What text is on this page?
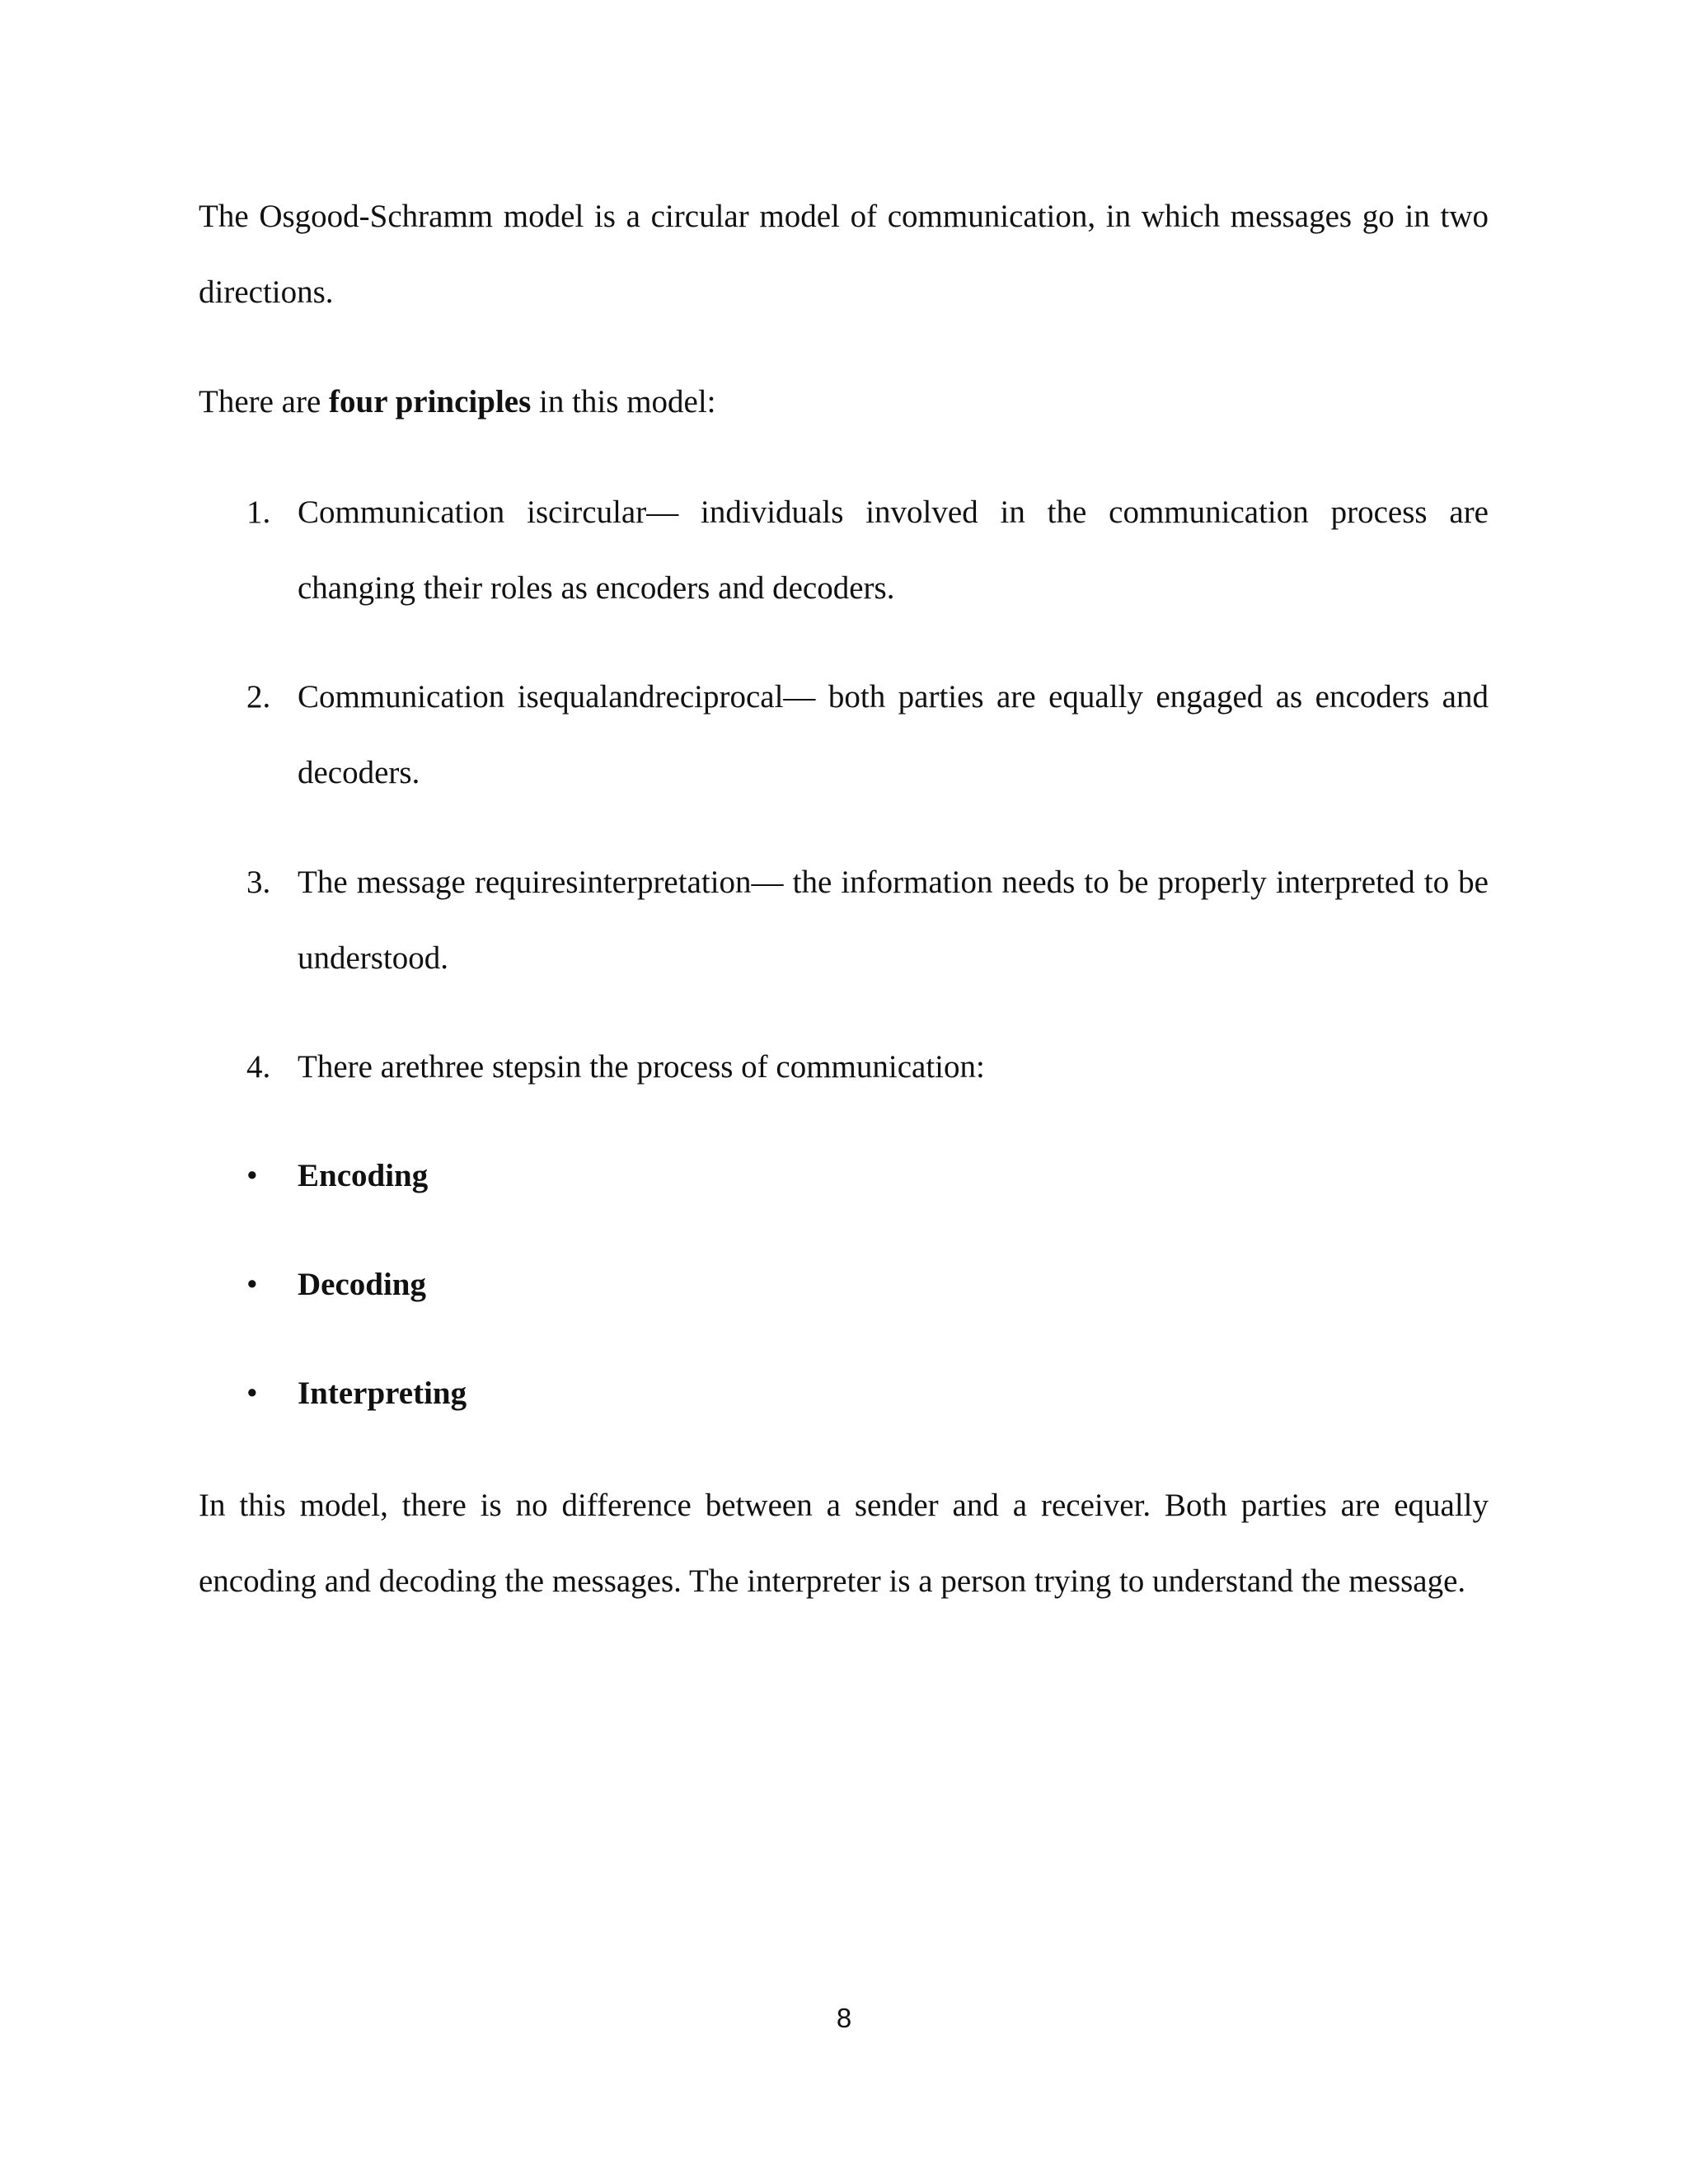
The Osgood-Schramm model is a circular model of communication, in which messages go in two directions.

There are four principles in this model:

1. Communication iscircular— individuals involved in the communication process are changing their roles as encoders and decoders.
2. Communication isequalandreciprocal— both parties are equally engaged as encoders and decoders.
3. The message requiresinterpretation— the information needs to be properly interpreted to be understood.
4. There arethree stepsin the process of communication:
• Encoding
• Decoding
• Interpreting

In this model, there is no difference between a sender and a receiver. Both parties are equally encoding and decoding the messages. The interpreter is a person trying to understand the message.

8
